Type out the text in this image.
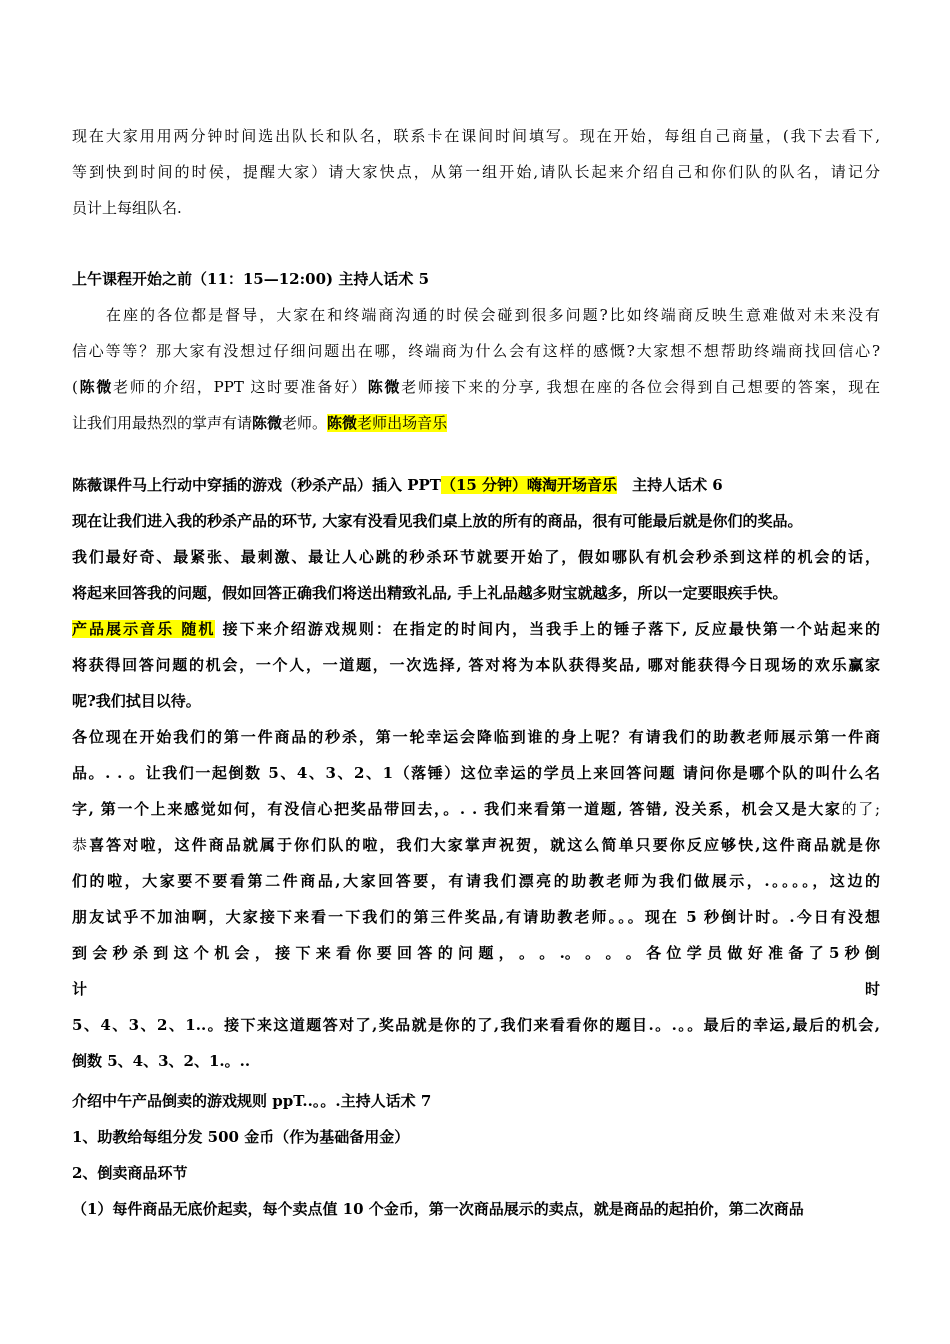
现在大家用用两分钟时间选出队长和队名，联系卡在课间时间填写。现在开始，每组自己商量，(我下去看下,
等到快到时间的时侯，提醒大家）请大家快点，从第一组开始,请队长起来介绍自己和你们队的队名，请记分
员计上每组队名.
上午课程开始之前（11：15—12:00) 主持人话术 5
在座的各位都是督导，大家在和终端商沟通的时侯会碰到很多问题?比如终端商反映生意难做对未来没有
信心等等？那大家有没想过仔细问题出在哪，终端商为什么会有这样的感慨?大家想不想帮助终端商找回信心?
(陈微老师的介绍，PPT 这时要准备好）陈微老师接下来的分享, 我想在座的各位会得到自己想要的答案，现在
让我们用最热烈的掌声有请陈微老师。陈微老师出场音乐
陈薇课件马上行动中穿插的游戏（秒杀产品）插入 PPT（15 分钟）嗨淘开场音乐　主持人话术 6
现在让我们进入我的秒杀产品的环节, 大家有没看见我们桌上放的所有的商品，很有可能最后就是你们的奖品。
我们最好奇、最紧张、最刺激、最让人心跳的秒杀环节就要开始了，假如哪队有机会秒杀到这样的机会的话，
将起来回答我的问题，假如回答正确我们将送出精致礼品, 手上礼品越多财宝就越多，所以一定要眼疾手快。
产品展示音乐 随机 接下来介绍游戏规则：在指定的时间内，当我手上的锤子落下, 反应最快第一个站起来的
将获得回答问题的机会，一个人，一道题，一次选择, 答对将为本队获得奖品, 哪对能获得今日现场的欢乐赢家
呢?我们拭目以待。
各位现在开始我们的第一件商品的秒杀，第一轮幸运会降临到谁的身上呢？有请我们的助教老师展示第一件商
品。. . 。让我们一起倒数 5、4、3、2、1（落锤）这位幸运的学员上来回答问题 请问你是哪个队的叫什么名
字, 第一个上来感觉如何，有没信心把奖品带回去，。. . 我们来看第一道题, 答错, 没关系，机会又是大家的了;
恭喜答对啦，这件商品就属于你们队的啦，我们大家掌声祝贺，就这么简单只要你反应够快,这件商品就是你
们的啦，大家要不要看第二件商品,大家回答要，有请我们漂亮的助教老师为我们做展示，.。。。。，这边的
朋友试乎不加油啊，大家接下来看一下我们的第三件奖品,有请助教老师。。。现在 5 秒倒计时。.今日有没想
到 会 秒 杀 到 这 个 机 会 ， 接 下 来 看 你 要 回 答 的 问 题 ， 。 。 .。 。 。 。 各 位 学 员 做 好 准 备 了 5 秒 倒 计 时
5、4、3、2、1..。接下来这道题答对了,奖品就是你的了,我们来看看你的题目.。.。。最后的幸运,最后的机会,
倒数 5、4、3、2、1.。..
介绍中午产品倒卖的游戏规则 ppT..。。.主持人话术 7
1、助教给每组分发 500 金币（作为基础备用金）
2、倒卖商品环节
（1）每件商品无底价起卖，每个卖点值 10 个金币，第一次商品展示的卖点，就是商品的起拍价，第二次商品
